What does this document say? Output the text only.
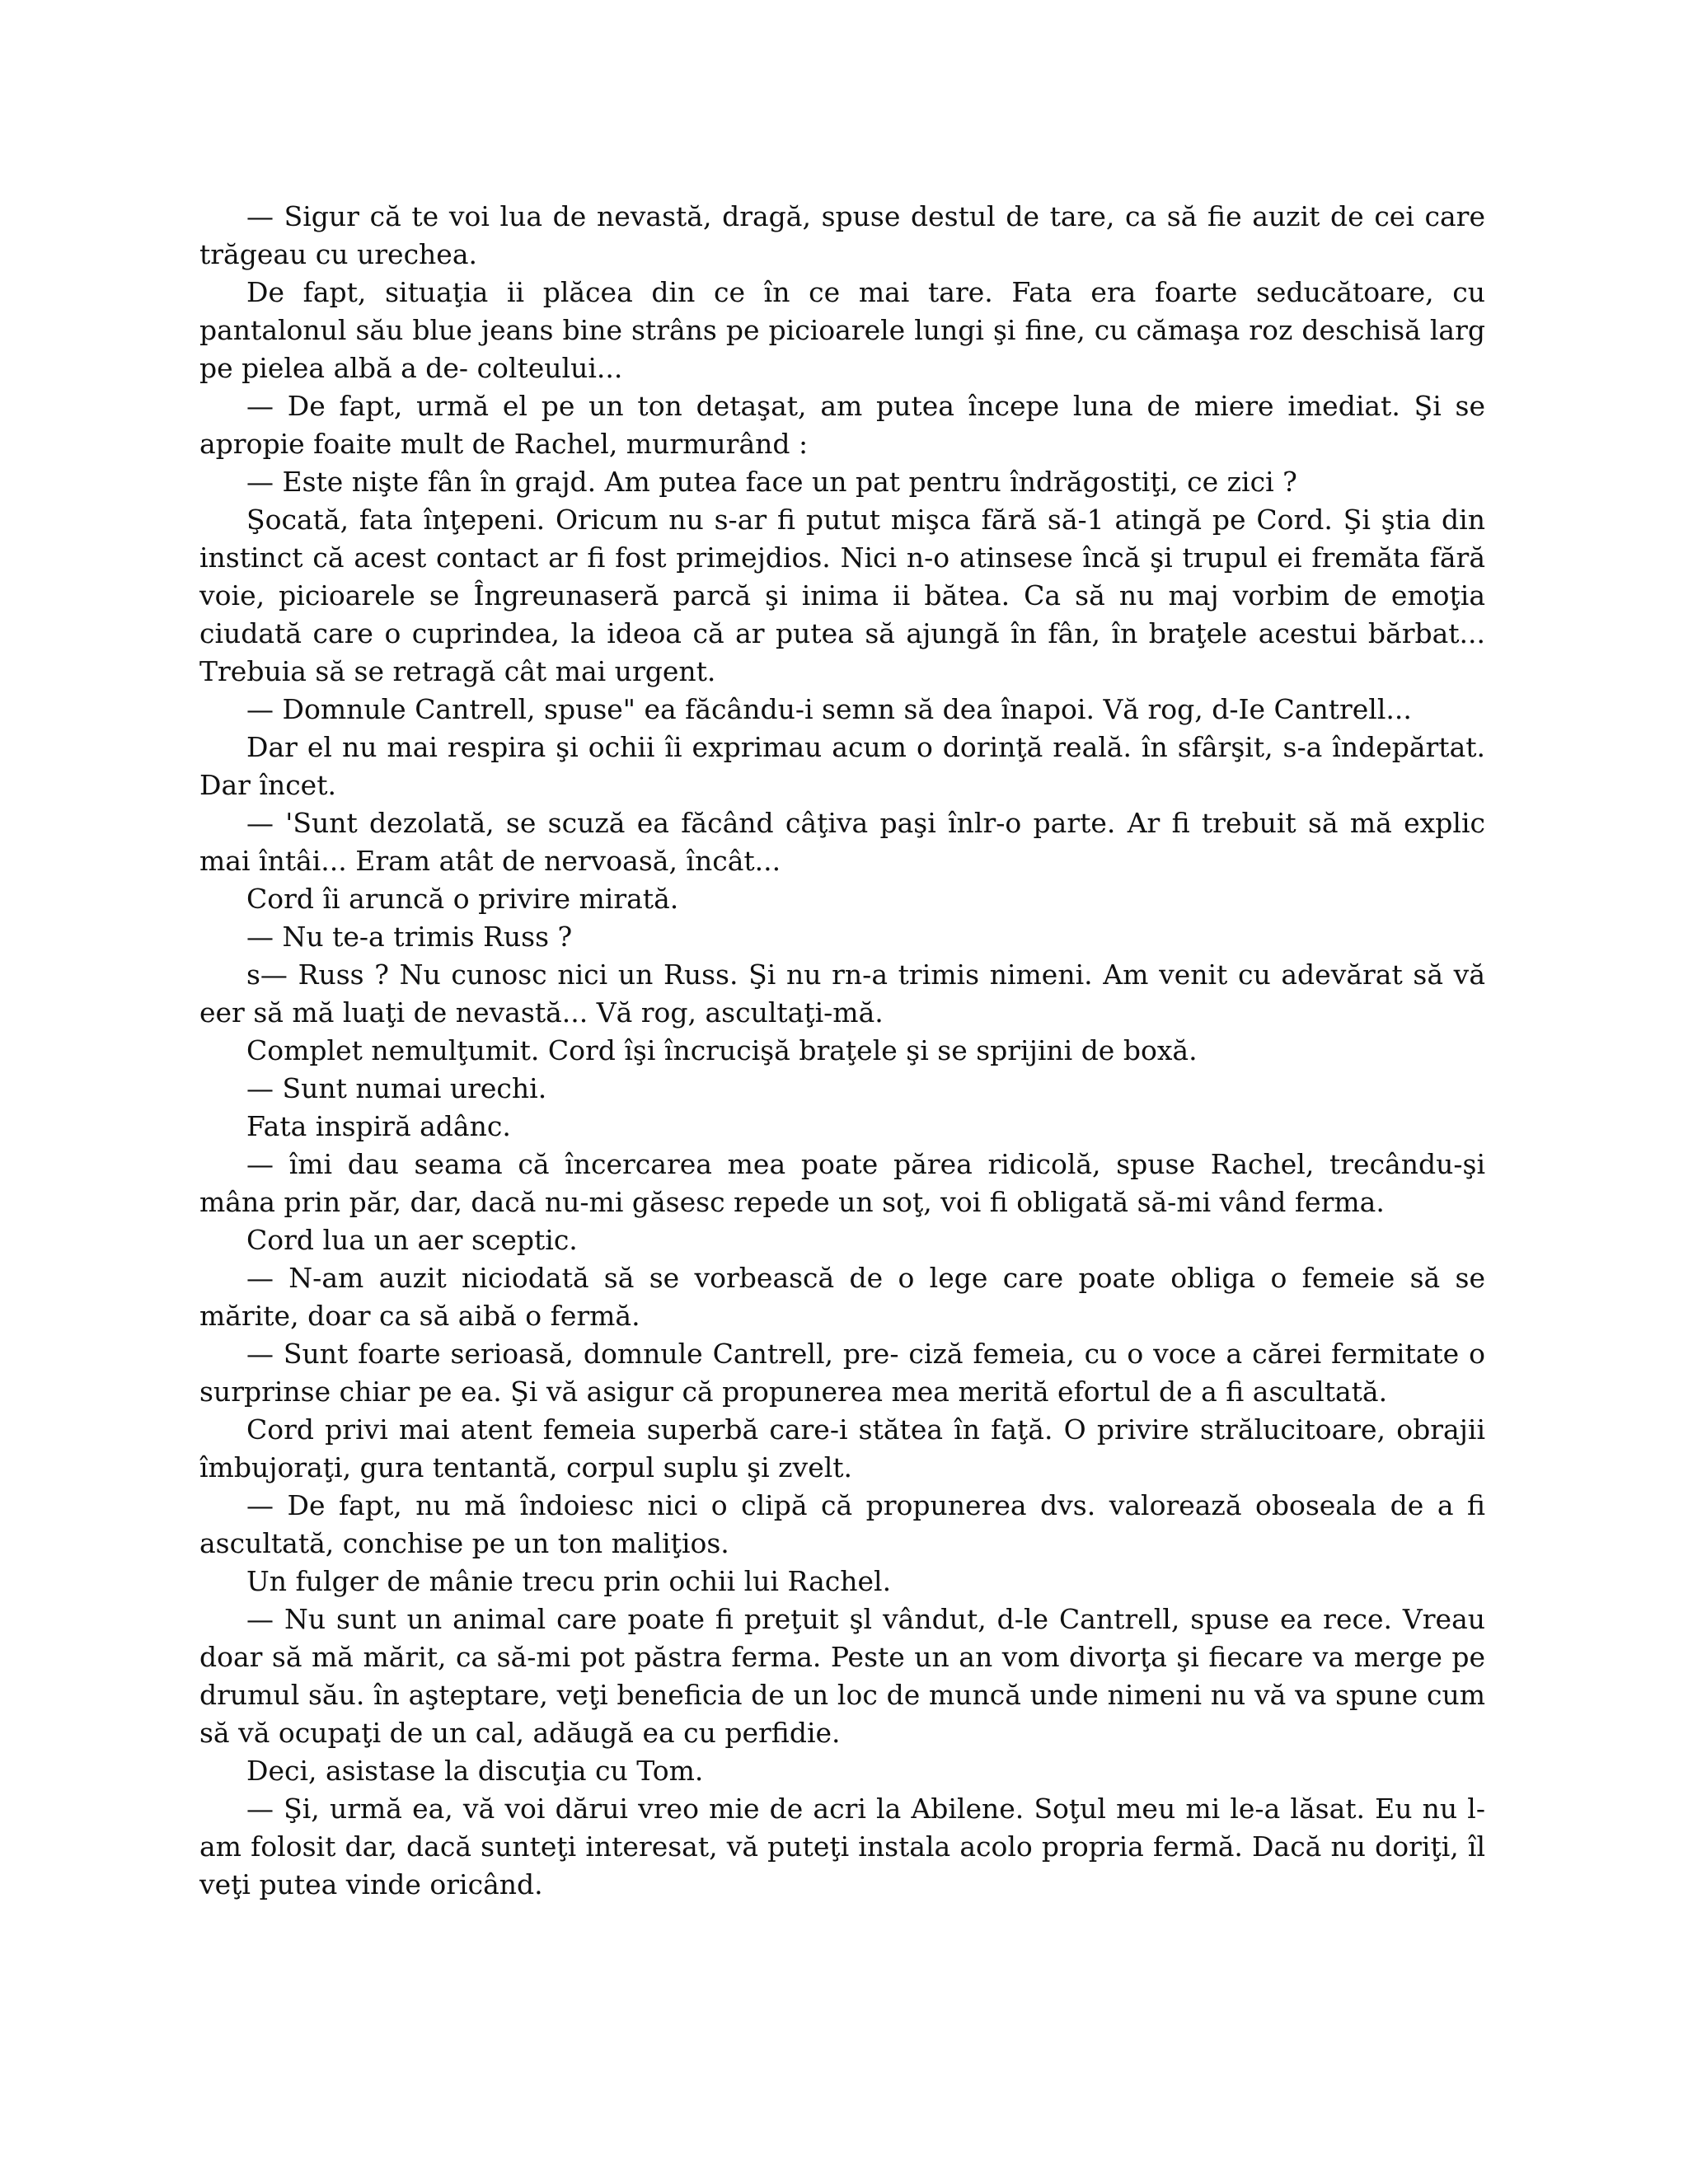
— Sigur că te voi lua de nevastă, dragă, spuse destul de tare, ca să fie auzit de cei care trăgeau cu urechea.

De fapt, situaţia ii plăcea din ce în ce mai tare. Fata era foarte seducătoare, cu pantalonul său blue jeans bine strâns pe picioarele lungi şi fine, cu cămaşa roz deschisă larg pe pielea albă a de- colteului...

— De fapt, urmă el pe un ton detaşat, am putea începe luna de miere imediat. Şi se apropie foaite mult de Rachel, murmurând :

— Este nişte fân în grajd. Am putea face un pat pentru îndrăgostiţi, ce zici ?

Şocată, fata înţepeni. Oricum nu s-ar fi putut mişca fără să-1 atingă pe Cord. Şi ştia din instinct că acest contact ar fi fost primejdios. Nici n-o atinsese încă şi trupul ei fremăta fără voie, picioarele se Îngreunaseră parcă şi inima ii bătea. Ca să nu maj vorbim de emoţia ciudată care o cuprindea, la ideoa că ar putea să ajungă în fân, în braţele acestui bărbat... Trebuia să se retragă cât mai urgent.

— Domnule Cantrell, spuse" ea făcându-i semn să dea înapoi. Vă rog, d-Ie Cantrell...

Dar el nu mai respira şi ochii îi exprimau acum o dorinţă reală. în sfârşit, s-a îndepărtat. Dar încet.

— 'Sunt dezolată, se scuză ea făcând câţiva paşi înlr-o parte. Ar fi trebuit să mă explic mai întâi... Eram atât de nervoasă, încât...

Cord îi aruncă o privire mirată.

— Nu te-a trimis Russ ?

s— Russ ? Nu cunosc nici un Russ. Şi nu rn-a trimis nimeni. Am venit cu adevărat să vă eer să mă luaţi de nevastă... Vă rog, ascultaţi-mă.

Complet nemulţumit. Cord îşi încrucişă braţele şi se sprijini de boxă.

— Sunt numai urechi.

Fata inspiră adânc.

— îmi dau seama că încercarea mea poate părea ridicolă, spuse Rachel, trecându-şi mâna prin păr, dar, dacă nu-mi găsesc repede un soţ, voi fi obligată să-mi vând ferma.

Cord lua un aer sceptic.

— N-am auzit niciodată să se vorbească de o lege care poate obliga o femeie să se mărite, doar ca să aibă o fermă.

— Sunt foarte serioasă, domnule Cantrell, pre- ciză femeia, cu o voce a cărei fermitate o surprinse chiar pe ea. Şi vă asigur că propunerea mea merită efortul de a fi ascultată.

Cord privi mai atent femeia superbă care-i stătea în faţă. O privire strălucitoare, obrajii îmbujoraţi, gura tentantă, corpul suplu şi zvelt.

— De fapt, nu mă îndoiesc nici o clipă că propunerea dvs. valorează oboseala de a fi ascultată, conchise pe un ton maliţios.

Un fulger de mânie trecu prin ochii lui Rachel.

— Nu sunt un animal care poate fi preţuit şl vândut, d-le Cantrell, spuse ea rece. Vreau doar să mă mărit, ca să-mi pot păstra ferma. Peste un an vom divorţa şi fiecare va merge pe drumul său. în aşteptare, veţi beneficia de un loc de muncă unde nimeni nu vă va spune cum să vă ocupaţi de un cal, adăugă ea cu perfidie.

Deci, asistase la discuţia cu Tom.

— Şi, urmă ea, vă voi dărui vreo mie de acri la Abilene. Soţul meu mi le-a lăsat. Eu nu l-am folosit dar, dacă sunteţi interesat, vă puteţi instala acolo propria fermă. Dacă nu doriţi, îl veţi putea vinde oricând.
